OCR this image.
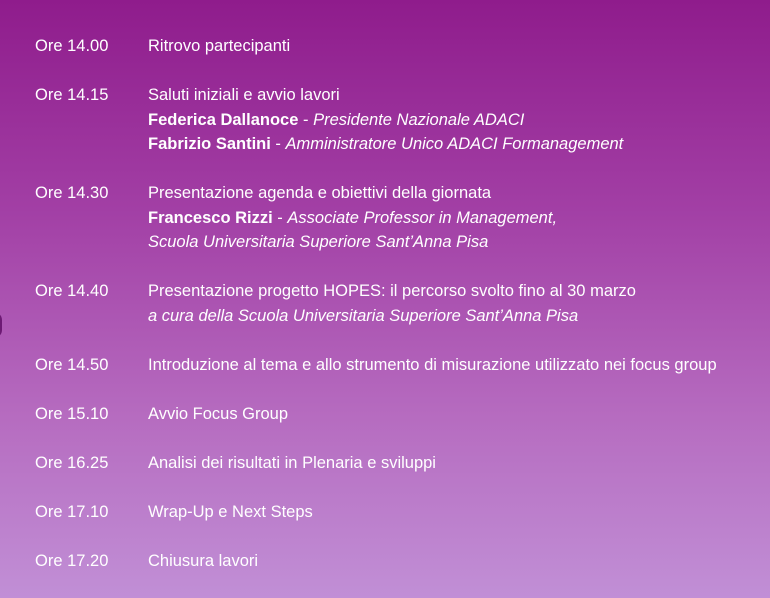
Ore 14.00	Ritrovo partecipanti
Ore 14.15	Saluti iniziali e avvio lavori
Federica Dallanoce - Presidente Nazionale ADACI
Fabrizio Santini - Amministratore Unico ADACI Formanagement
Ore 14.30	Presentazione agenda e obiettivi della giornata
Francesco Rizzi - Associate Professor in Management,
Scuola Universitaria Superiore Sant’Anna Pisa
Ore 14.40	Presentazione progetto HOPES: il percorso svolto fino al 30 marzo
a cura della Scuola Universitaria Superiore Sant’Anna Pisa
Ore 14.50	Introduzione al tema e allo strumento di misurazione utilizzato nei focus group
Ore 15.10	Avvio Focus Group
Ore 16.25	Analisi dei risultati in Plenaria e sviluppi
Ore 17.10	Wrap-Up e Next Steps
Ore 17.20	Chiusura lavori
